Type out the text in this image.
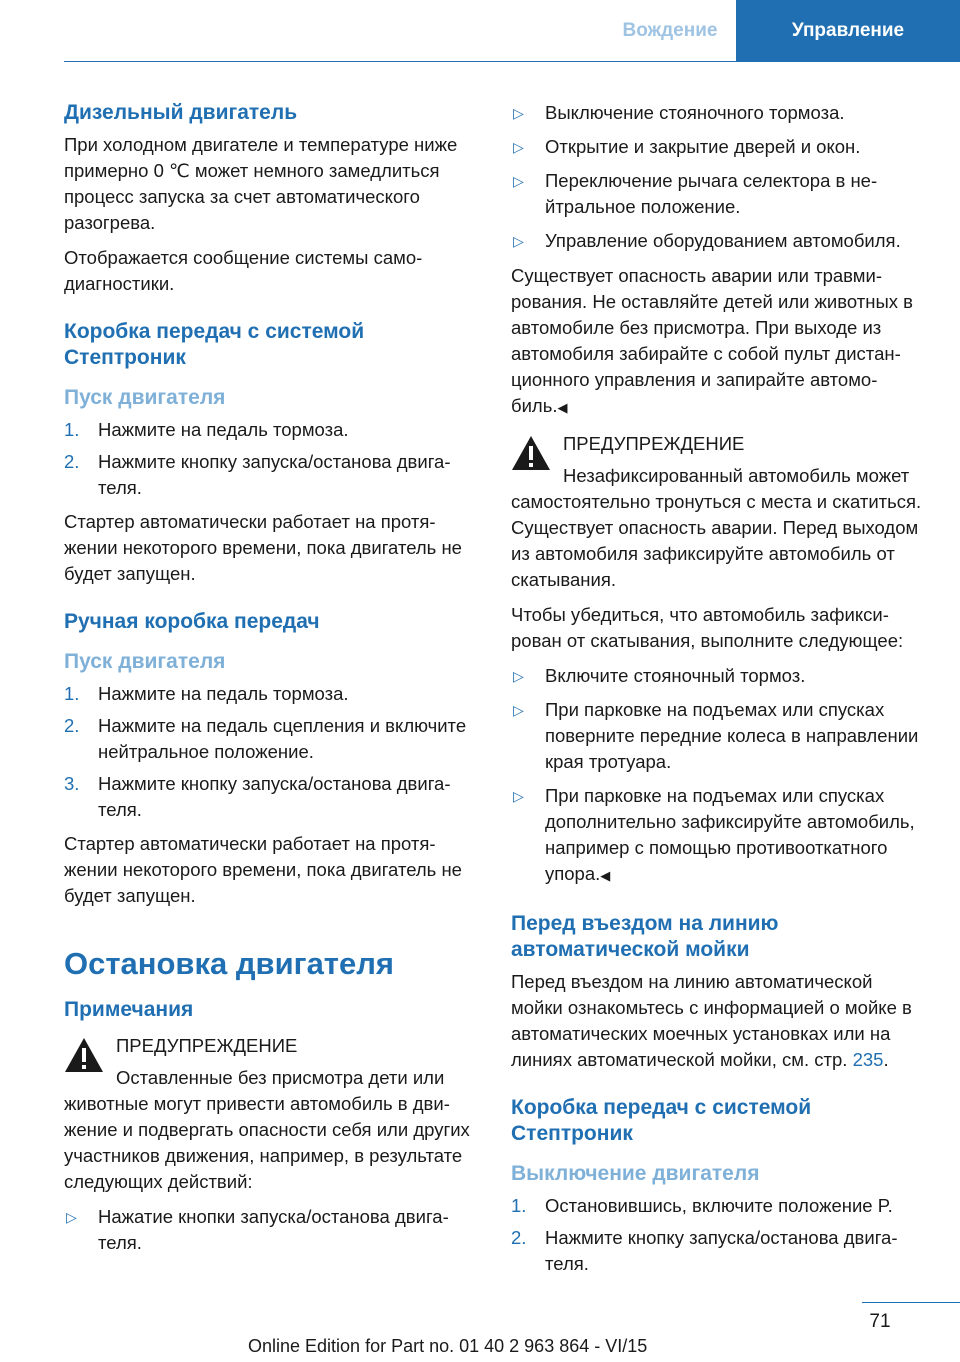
Вождение	Управление
Дизельный двигатель

При холодном двигателе и температуре ниже примерно 0 ℃ может немного замедлиться процесс запуска за счет автоматического разогрева.

Отображается сообщение системы самодиагностики.

Коробка передач с системой Стептроник
Пуск двигателя
1. Нажмите на педаль тормоза.
2. Нажмите кнопку запуска/останова двигателя.

Стартер автоматически работает на протяжении некоторого времени, пока двигатель не будет запущен.

Ручная коробка передач
Пуск двигателя
1. Нажмите на педаль тормоза.
2. Нажмите на педаль сцепления и включите нейтральное положение.
3. Нажмите кнопку запуска/останова двигателя.

Стартер автоматически работает на протяжении некоторого времени, пока двигатель не будет запущен.

Остановка двигателя
Примечания
ПРЕДУПРЕЖДЕНИЕ
Оставленные без присмотра дети или животные могут привести автомобиль в движение и подвергать опасности себя или других участников движения, например, в результате следующих действий:
▷ Нажатие кнопки запуска/останова двигателя.
▷ Выключение стояночного тормоза.
▷ Открытие и закрытие дверей и окон.
▷ Переключение рычага селектора в нейтральное положение.
▷ Управление оборудованием автомобиля.

Существует опасность аварии или травмирования. Не оставляйте детей или животных в автомобиле без присмотра. При выходе из автомобиля забирайте с собой пульт дистанционного управления и запирайте автомобиль.◀

ПРЕДУПРЕЖДЕНИЕ
Незафиксированный автомобиль может самостоятельно тронуться с места и скатиться. Существует опасность аварии. Перед выходом из автомобиля зафиксируйте автомобиль от скатывания.

Чтобы убедиться, что автомобиль зафиксирован от скатывания, выполните следующее:

▷ Включите стояночный тормоз.
▷ При парковке на подъемах или спусках поверните передние колеса в направлении края тротуара.
▷ При парковке на подъемах или спусках дополнительно зафиксируйте автомобиль, например с помощью противооткатного упора.◀
Перед въездом на линию автоматической мойки

Перед въездом на линию автоматической мойки ознакомьтесь с информацией о мойке в автоматических моечных установках или на линиях автоматической мойки, см. стр. 235.

Коробка передач с системой Стептроник
Выключение двигателя
1. Остановившись, включите положение P.
2. Нажмите кнопку запуска/останова двигателя.
71
Online Edition for Part no. 01 40 2 963 864 - VI/15
